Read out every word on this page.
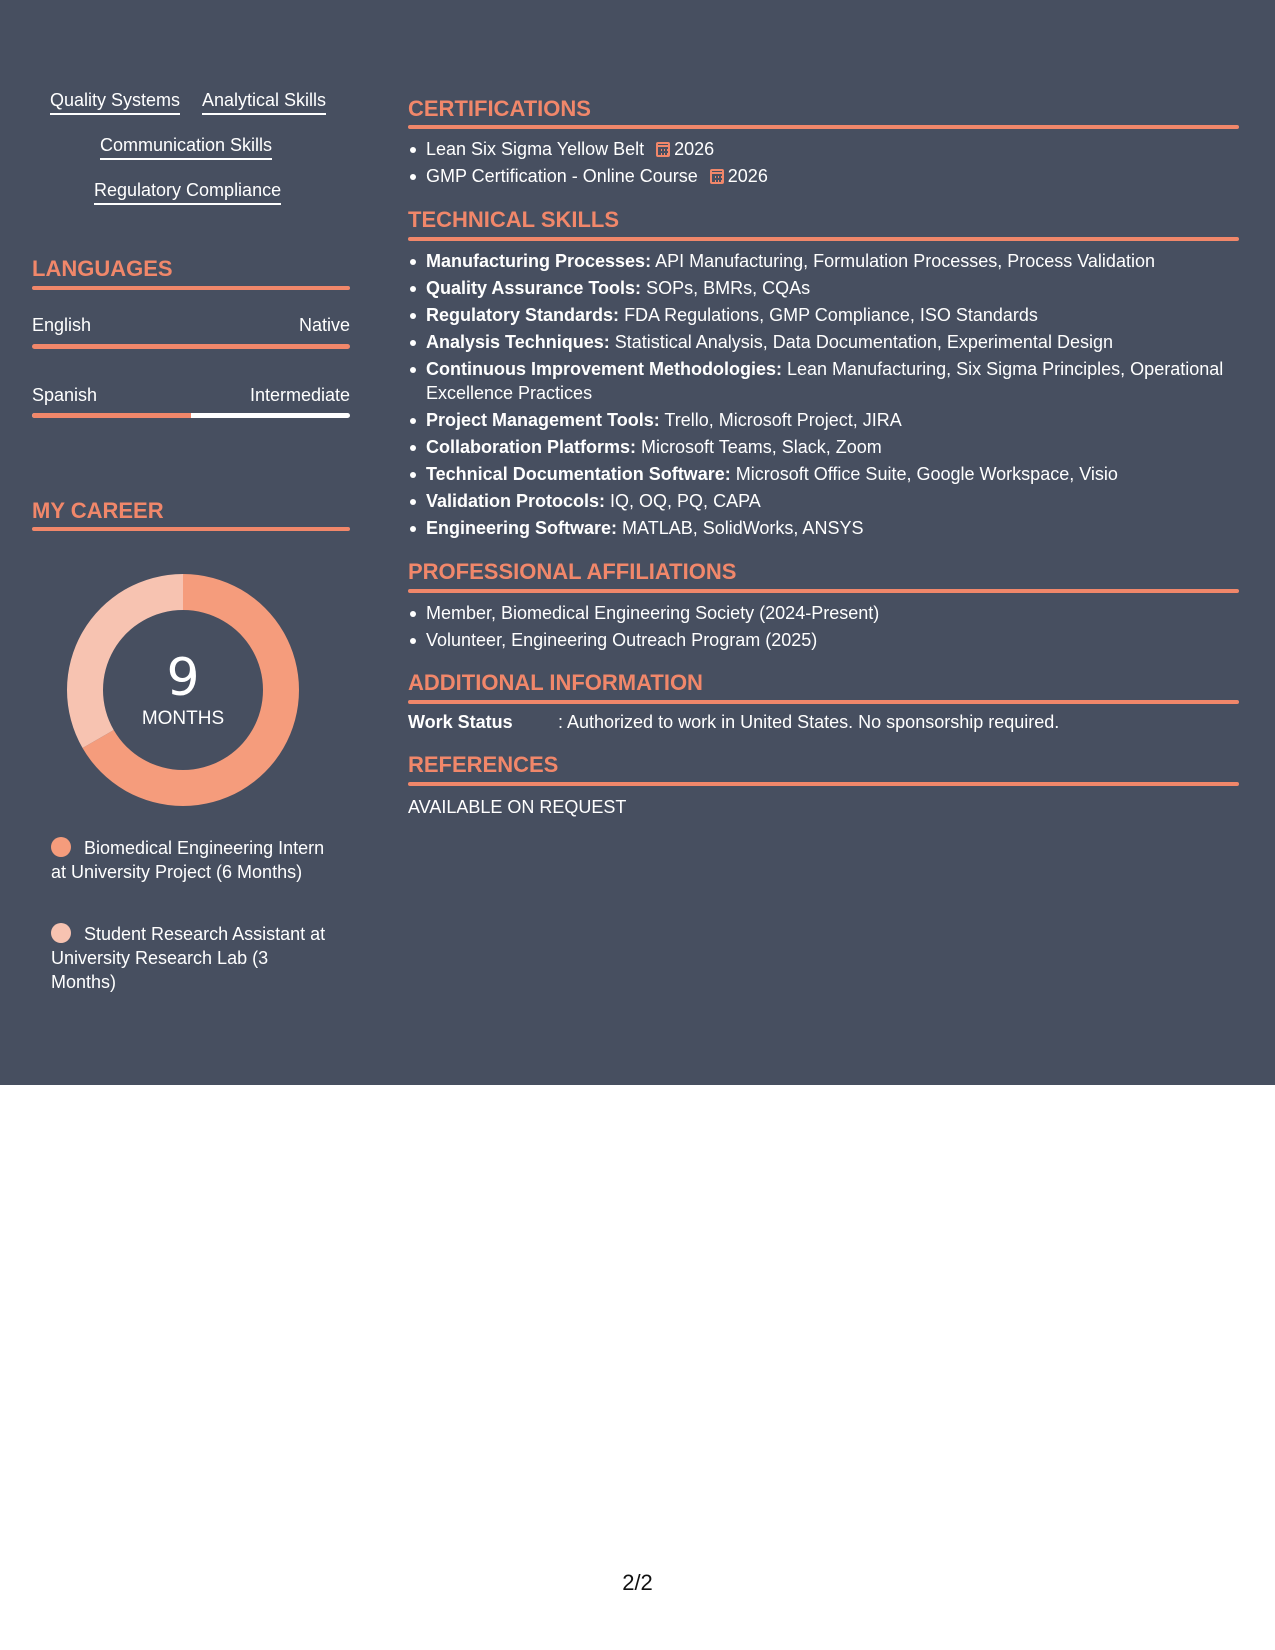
Quality Systems Analytical Skills
Communication Skills
Regulatory Compliance
LANGUAGES
English	Native
Spanish	Intermediate
MY CAREER
9
MONTHS
Biomedical Engineering Intern at University Project (6 Months)
Student Research Assistant at University Research Lab (3 Months)
CERTIFICATIONS
Lean Six Sigma Yellow Belt 2026
GMP Certification - Online Course 2026
TECHNICAL SKILLS
Manufacturing Processes: API Manufacturing, Formulation Processes, Process Validation
Quality Assurance Tools: SOPs, BMRs, CQAs
Regulatory Standards: FDA Regulations, GMP Compliance, ISO Standards
Analysis Techniques: Statistical Analysis, Data Documentation, Experimental Design
Continuous Improvement Methodologies: Lean Manufacturing, Six Sigma Principles, Operational Excellence Practices
Project Management Tools: Trello, Microsoft Project, JIRA
Collaboration Platforms: Microsoft Teams, Slack, Zoom
Technical Documentation Software: Microsoft Office Suite, Google Workspace, Visio
Validation Protocols: IQ, OQ, PQ, CAPA
Engineering Software: MATLAB, SolidWorks, ANSYS
PROFESSIONAL AFFILIATIONS
Member, Biomedical Engineering Society (2024-Present)
Volunteer, Engineering Outreach Program (2025)
ADDITIONAL INFORMATION
Work Status	: Authorized to work in United States. No sponsorship required.
REFERENCES
AVAILABLE ON REQUEST
2/2
